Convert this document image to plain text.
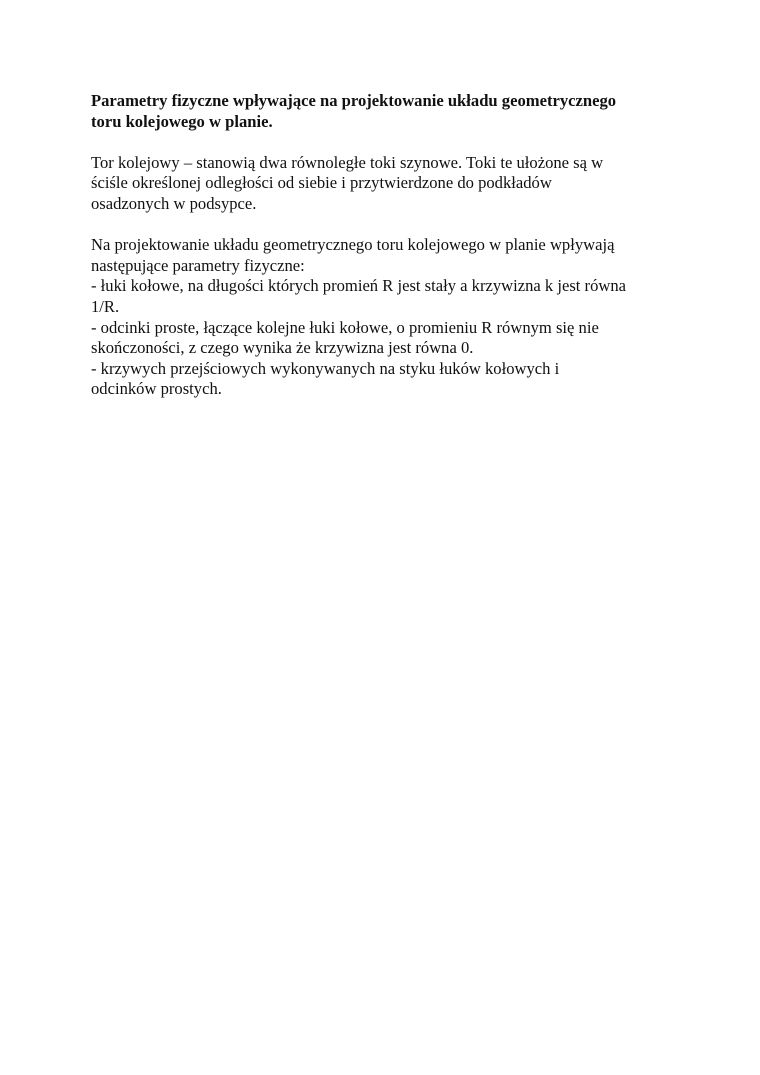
Parametry fizyczne wpływające na projektowanie układu geometrycznego
toru kolejowego w planie.
Tor kolejowy – stanowią dwa równoległe toki szynowe. Toki te ułożone są w
ściśle określonej odległości od siebie i przytwierdzone do podkładów
osadzonych w podsypce.
Na projektowanie układu geometrycznego toru kolejowego w planie wpływają
następujące parametry fizyczne:
- łuki kołowe, na długości których promień R jest stały a krzywizna k jest równa
1/R.
- odcinki proste, łączące kolejne łuki kołowe, o promieniu R równym się nie
skończoności, z czego wynika że krzywizna jest równa 0.
- krzywych przejściowych wykonywanych na styku łuków kołowych i
odcinków prostych.
